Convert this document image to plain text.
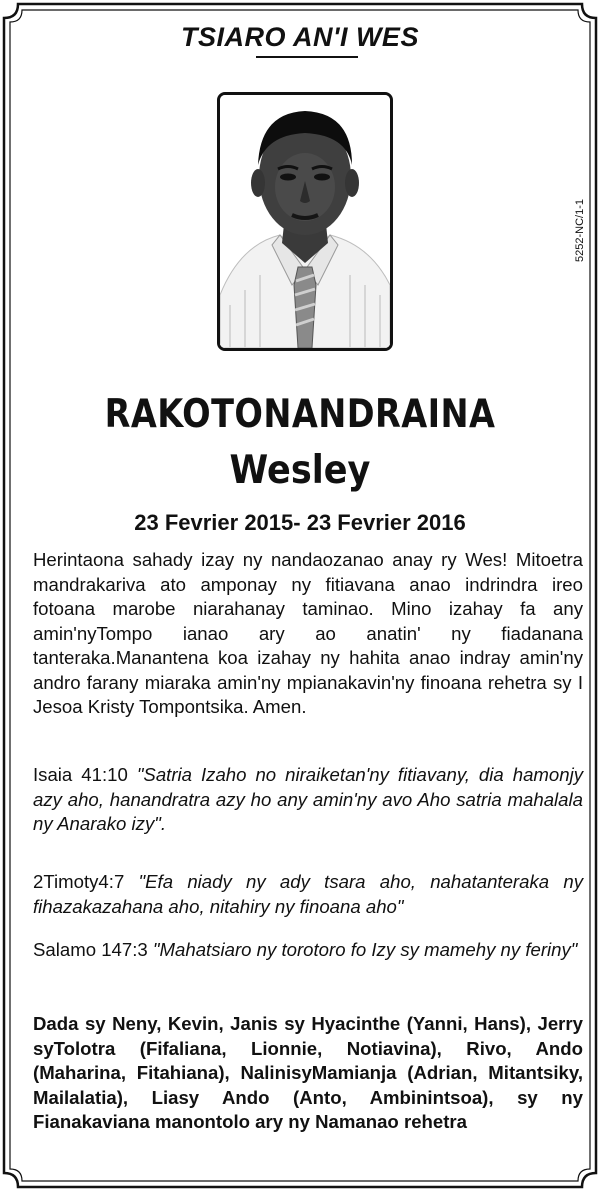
TSIARO AN'I WES
5252-NC/1-1
RAKOTONANDRAINA
Wesley
23 Fevrier 2015- 23 Fevrier 2016
Herintaona sahady izay ny nandaozanao anay ry Wes! Mitoetra mandrakariva ato amponay ny fitiavana anao indrindra ireo fotoana marobe niarahanay taminao. Mino izahay fa any amin'nyTompo ianao ary ao anatin' ny fiadanana tanteraka.Manantena koa izahay ny hahita anao indray amin'ny andro farany miaraka amin'ny mpianakavin'ny finoana rehetra sy I Jesoa Kristy Tompontsika. Amen.
Isaia 41:10 "Satria Izaho no niraiketan'ny fitiavany, dia hamonjy azy aho, hanandratra azy ho any amin'ny avo Aho satria mahalala ny Anarako izy".
2Timoty4:7 "Efa niady ny ady tsara aho, nahatanteraka ny fihazakazahana aho, nitahiry ny finoana aho"
Salamo 147:3 "Mahatsiaro ny torotoro fo Izy sy mamehy ny feriny"
Dada sy Neny, Kevin, Janis sy Hyacinthe (Yanni, Hans), Jerry syTolotra (Fifaliana, Lionnie, Notiavina), Rivo, Ando (Maharina, Fitahiana), NalinisyMamianja (Adrian, Mitantsiky, Mailalatia), Liasy Ando (Anto, Ambinintsoa), sy ny Fianakaviana manontolo ary ny Namanao rehetra
